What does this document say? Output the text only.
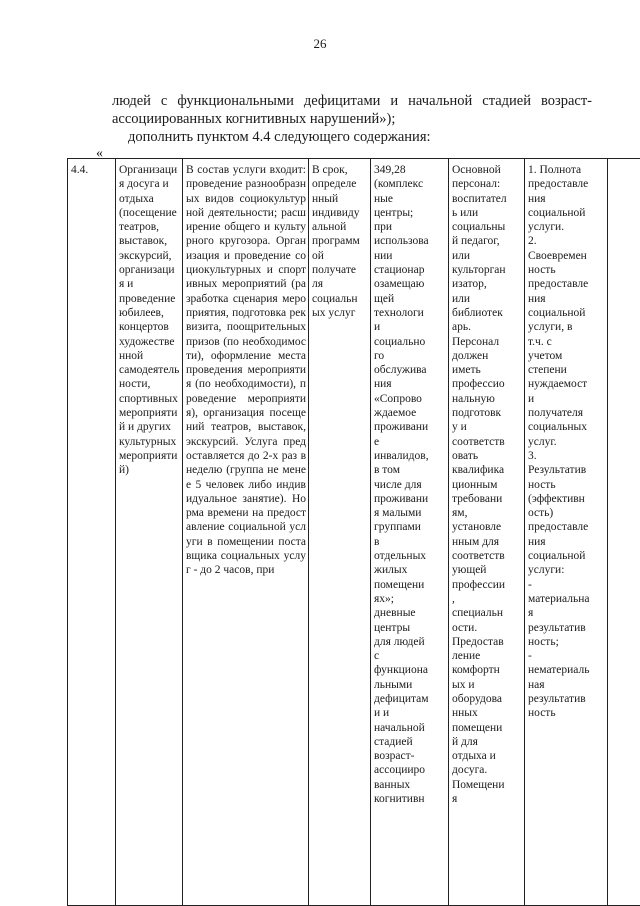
26
людей с функциональными дефицитами и начальной стадией возраст-
ассоциированных когнитивных нарушений»);
дополнить пунктом 4.4 следующего содержания:
«
4.4.	Организаци
я досуга и
отдыха
(посещение
театров,
выставок,
экскурсий,
организаци
я и
проведение
юбилеев,
концертов
художестве
нной
самодеятель
ности,
спортивных
мероприяти
й и других
культурных
мероприяти
й)	В состав услуги входит: проведение разнообразных видов социокультурной деятельности; расширение общего и культурного кругозора. Организация и проведение социокультурных и спортивных мероприятий (разработка сценария мероприятия, подготовка реквизита, поощрительных призов (по необходимости), оформление места проведения мероприятия (по необходимости), проведение мероприятия), организация посещений театров, выставок, экскурсий. Услуга предоставляется до 2-х раз в неделю (группа не менее 5 человек либо индивидуальное занятие). Норма времени на предоставление социальной услуги в помещении поставщика социальных услуг - до 2 часов, при	В срок,
определе
нный
индивиду
альной
программ
ой
получате
ля
социальн
ых услуг	349,28
(комплекс
ные
центры;
при
использова
нии
стационар
озамещаю
щей
технологи
и
социально
го
обслужива
ния
«Сопрово
ждаемое
проживани
е
инвалидов,
в том
числе для
проживани
я малыми
группами
в
отдельных
жилых
помещени
ях»;
дневные
центры
для людей
с
функциона
льными
дефицитам
и и
начальной
стадией
возраст-
ассоцииро
ванных
когнитивн	Основной
персонал:
воспитател
ь или
социальны
й педагог,
или
культоpган
изатор,
или
библиотек
арь.
Персонал
должен
иметь
профессио
нальную
подготовк
у и
соответств
овать
квалифика
ционным
требовани
ям,
установле
нным для
соответств
ующей
профессии
,
специальн
ости.
Предостав
ление
комфортн
ых и
оборудова
нных
помещени
й для
отдыха и
досуга.
Помещени
я	1. Полнота
предоставле
ния
социальной
услуги.
2.
Своевремен
ность
предоставле
ния
социальной
услуги, в
т.ч. с
учетом
степени
нуждаемост
и
получателя
социальных
услуг.
3.
Результатив
ность
(эффективн
ость)
предоставле
ния
социальной
услуги:
-
материальна
я
результатив
ность;
-
нематериаль
ная
результатив
ность	
